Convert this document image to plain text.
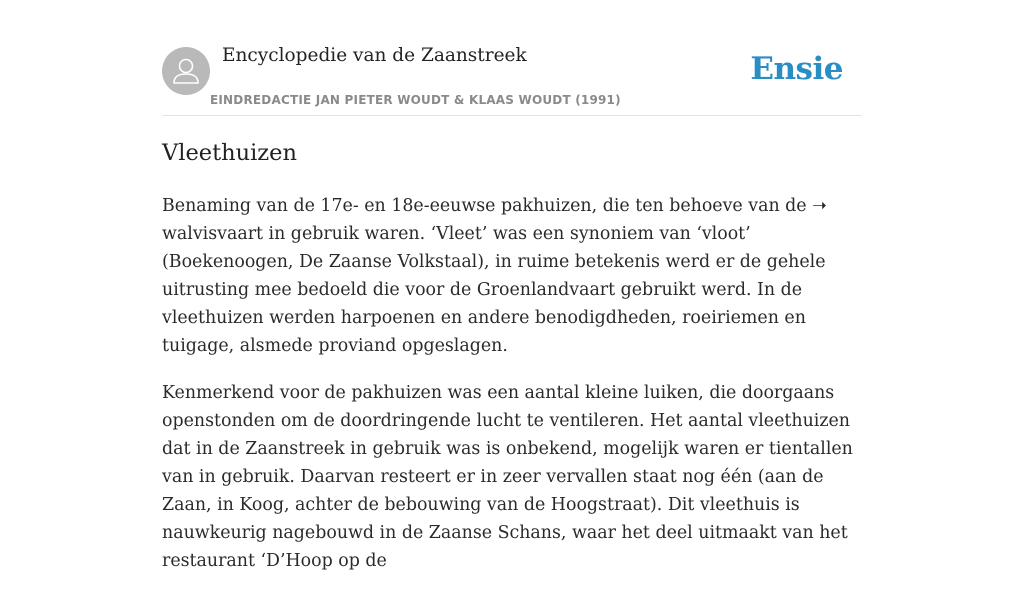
Encyclopedie van de Zaanstreek
EINDREDACTIE JAN PIETER WOUDT & KLAAS WOUDT (1991)
Ensie
Vleethuizen

Benaming van de 17e- en 18e-eeuwse pakhuizen, die ten behoeve van de ➝ walvisvaart in gebruik waren. ‘Vleet’ was een synoniem van ‘vloot’ (Boekenoogen, De Zaanse Volkstaal), in ruime betekenis werd er de gehele uitrusting mee bedoeld die voor de Groenlandvaart gebruikt werd. In de vleethuizen werden harpoenen en andere benodigdheden, roeiriemen en tuigage, alsmede proviand opgeslagen.

Kenmerkend voor de pakhuizen was een aantal kleine luiken, die doorgaans openstonden om de doordringende lucht te ventileren. Het aantal vleethuizen dat in de Zaanstreek in gebruik was is onbekend, mogelijk waren er tientallen van in gebruik. Daarvan resteert er in zeer vervallen staat nog één (aan de Zaan, in Koog, achter de bebouwing van de Hoogstraat). Dit vleethuis is nauwkeurig nagebouwd in de Zaanse Schans, waar het deel uitmaakt van het restaurant ‘D’Hoop op de
